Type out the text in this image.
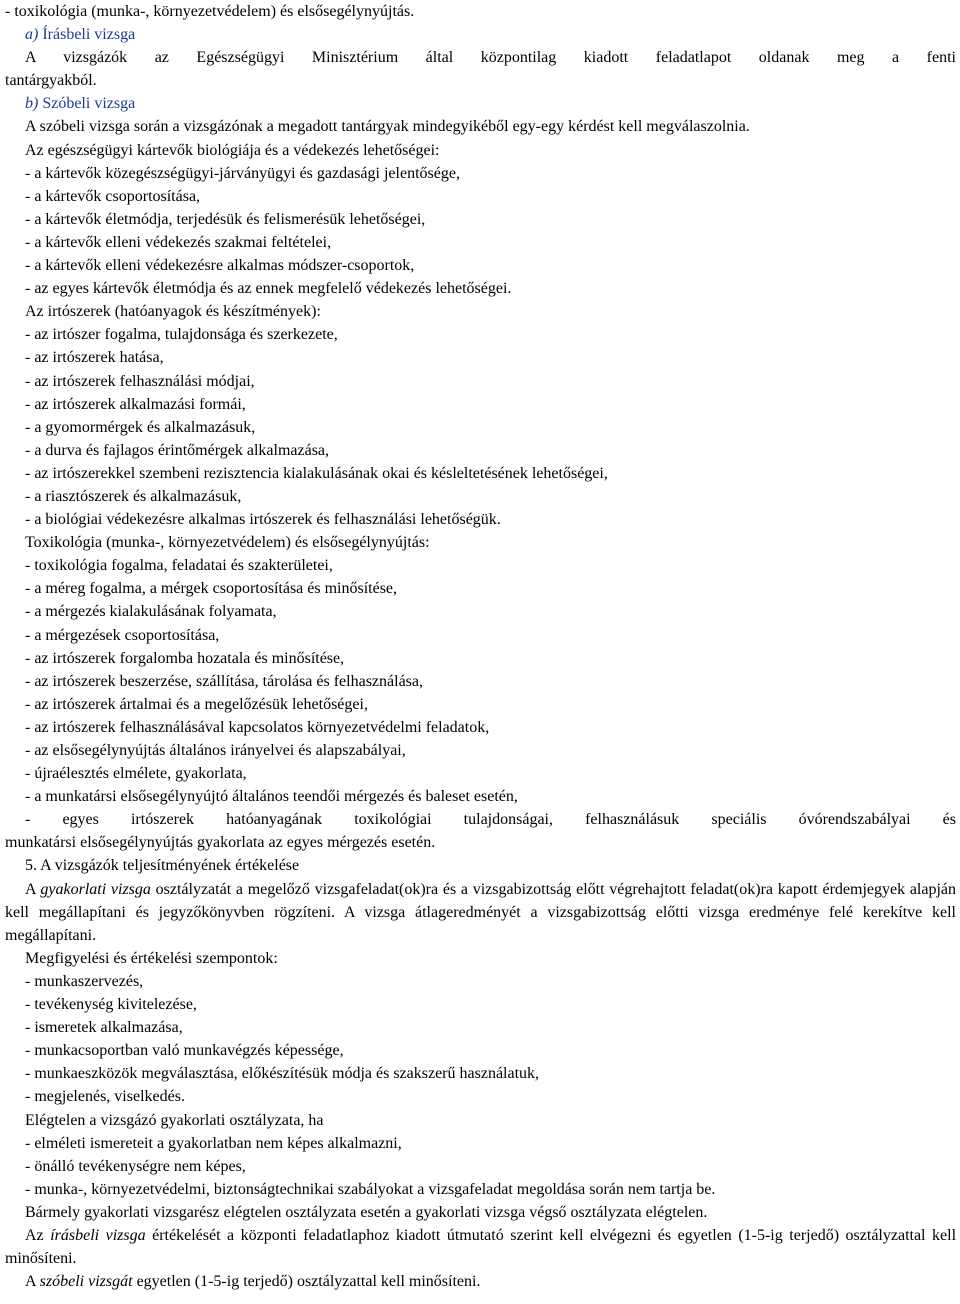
- toxikológia (munka-, környezetvédelem) és elsősegélynyújtás.
a) Írásbeli vizsga
A vizsgázók az Egészségügyi Minisztérium által központilag kiadott feladatlapot oldanak meg a fenti
tantárgyakból.
b) Szóbeli vizsga
A szóbeli vizsga során a vizsgázónak a megadott tantárgyak mindegyikéből egy-egy kérdést kell megválaszolnia.
Az egészségügyi kártevők biológiája és a védekezés lehetőségei:
- a kártevők közegészségügyi-járványügyi és gazdasági jelentősége,
- a kártevők csoportosítása,
- a kártevők életmódja, terjedésük és felismerésük lehetőségei,
- a kártevők elleni védekezés szakmai feltételei,
- a kártevők elleni védekezésre alkalmas módszer-csoportok,
- az egyes kártevők életmódja és az ennek megfelelő védekezés lehetőségei.
Az irtószerek (hatóanyagok és készítmények):
- az irtószer fogalma, tulajdonsága és szerkezete,
- az irtószerek hatása,
- az irtószerek felhasználási módjai,
- az irtószerek alkalmazási formái,
- a gyomormérgek és alkalmazásuk,
- a durva és fajlagos érintőmérgek alkalmazása,
- az irtószerekkel szembeni rezisztencia kialakulásának okai és késleltetésének lehetőségei,
- a riasztószerek és alkalmazásuk,
- a biológiai védekezésre alkalmas irtószerek és felhasználási lehetőségük.
Toxikológia (munka-, környezetvédelem) és elsősegélynyújtás:
- toxikológia fogalma, feladatai és szakterületei,
- a méreg fogalma, a mérgek csoportosítása és minősítése,
- a mérgezés kialakulásának folyamata,
- a mérgezések csoportosítása,
- az irtószerek forgalomba hozatala és minősítése,
- az irtószerek beszerzése, szállítása, tárolása és felhasználása,
- az irtószerek ártalmai és a megelőzésük lehetőségei,
- az irtószerek felhasználásával kapcsolatos környezetvédelmi feladatok,
- az elsősegélynyújtás általános irányelvei és alapszabályai,
- újraélesztés elmélete, gyakorlata,
- a munkatársi elsősegélynyújtó általános teendői mérgezés és baleset esetén,
- egyes irtószerek hatóanyagának toxikológiai tulajdonságai, felhasználásuk speciális óvórendszabályai és
munkatársi elsősegélynyújtás gyakorlata az egyes mérgezés esetén.
5. A vizsgázók teljesítményének értékelése
A gyakorlati vizsga osztályzatát a megelőző vizsgafeladat(ok)ra és a vizsgabizottság előtt végrehajtott feladat(ok)ra kapott érdemjegyek alapján kell megállapítani és jegyzőkönyvben rögzíteni. A vizsga átlageredményét a vizsgabizottság előtti vizsga eredménye felé kerekítve kell megállapítani.
Megfigyelési és értékelési szempontok:
- munkaszervezés,
- tevékenység kivitelezése,
- ismeretek alkalmazása,
- munkacsoportban való munkavégzés képessége,
- munkaeszközök megválasztása, előkészítésük módja és szakszerű használatuk,
- megjelenés, viselkedés.
Elégtelen a vizsgázó gyakorlati osztályzata, ha
- elméleti ismereteit a gyakorlatban nem képes alkalmazni,
- önálló tevékenységre nem képes,
- munka-, környezetvédelmi, biztonságtechnikai szabályokat a vizsgafeladat megoldása során nem tartja be.
Bármely gyakorlati vizsgarész elégtelen osztályzata esetén a gyakorlati vizsga végső osztályzata elégtelen.
Az írásbeli vizsga értékelését a központi feladatlaphoz kiadott útmutató szerint kell elvégezni és egyetlen (1-5-ig terjedő) osztályzattal kell minősíteni.
A szóbeli vizsgát egyetlen (1-5-ig terjedő) osztályzattal kell minősíteni.
